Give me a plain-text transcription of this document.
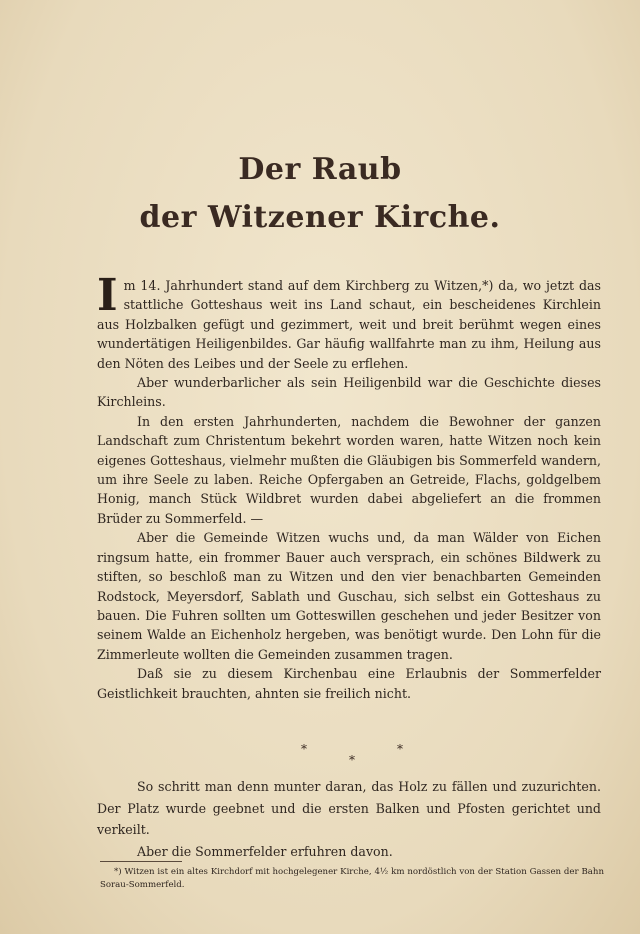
Der Raub
der Witzener Kirche.

Im 14. Jahrhundert stand auf dem Kirchberg zu Witzen,*) da, wo jetzt das stattliche Gotteshaus weit ins Land schaut, ein bescheidenes Kirchlein aus Holzbalken gefügt und gezimmert, weit und breit berühmt wegen eines wundertätigen Heiligenbildes. Gar häufig wallfahrte man zu ihm, Heilung aus den Nöten des Leibes und der Seele zu erflehen.

Aber wunderbarlicher als sein Heiligenbild war die Geschichte dieses Kirchleins.

In den ersten Jahrhunderten, nachdem die Bewohner der ganzen Landschaft zum Christentum bekehrt worden waren, hatte Witzen noch kein eigenes Gotteshaus, vielmehr mußten die Gläubigen bis Sommerfeld wandern, um ihre Seele zu laben. Reiche Opfergaben an Getreide, Flachs, goldgelbem Honig, manch Stück Wildbret wurden dabei abgeliefert an die frommen Brüder zu Sommerfeld. —

Aber die Gemeinde Witzen wuchs und, da man Wälder von Eichen ringsum hatte, ein frommer Bauer auch versprach, ein schönes Bildwerk zu stiften, so beschloß man zu Witzen und den vier benachbarten Gemeinden Rodstock, Meyersdorf, Sablath und Guschau, sich selbst ein Gotteshaus zu bauen. Die Fuhren sollten um Gotteswillen geschehen und jeder Besitzer von seinem Walde an Eichenholz hergeben, was benötigt wurde. Den Lohn für die Zimmerleute wollten die Gemeinden zusammen tragen.

Daß sie zu diesem Kirchenbau eine Erlaubnis der Sommerfelder Geistlichkeit brauchten, ahnten sie freilich nicht.

*
*
*

So schritt man denn munter daran, das Holz zu fällen und zuzurichten. Der Platz wurde geebnet und die ersten Balken und Pfosten gerichtet und verkeilt.

Aber die Sommerfelder erfuhren davon.

*) Witzen ist ein altes Kirchdorf mit hochgelegener Kirche, 4½ km nordöstlich von der Station Gassen der Bahn Sorau-Sommerfeld.
